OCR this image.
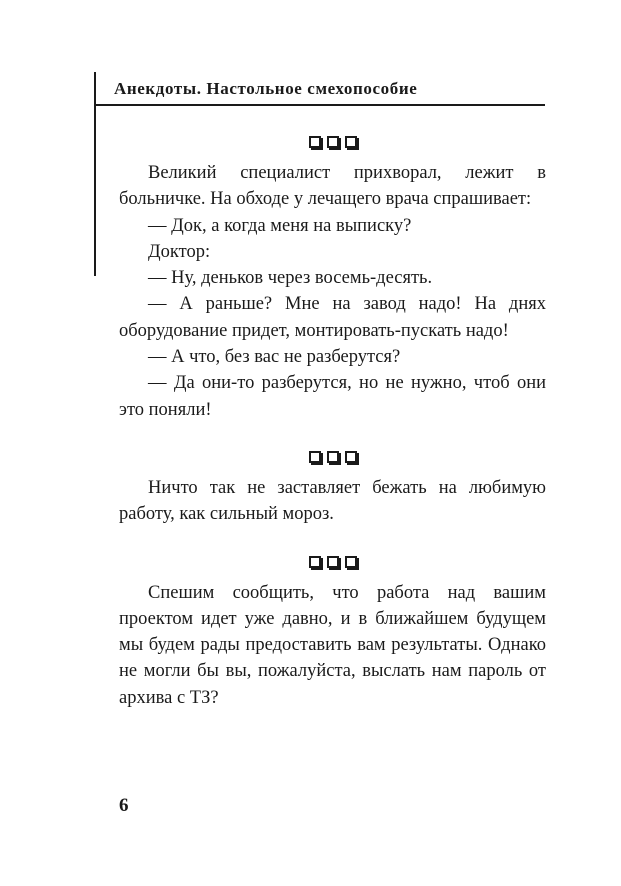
Анекдоты. Настольное смехопособие

Великий специалист прихворал, лежит в больничке. На обходе у лечащего врача спрашивает:

— Док, а когда меня на выписку?

Доктор:

— Ну, деньков через восемь-десять.

— А раньше? Мне на завод надо! На днях оборудование придет, монтировать-пускать надо!

— А что, без вас не разберутся?

— Да они-то разберутся, но не нужно, чтоб они это поняли!

Ничто так не заставляет бежать на любимую работу, как сильный мороз.

Спешим сообщить, что работа над вашим проектом идет уже давно, и в ближайшем будущем мы будем рады предоставить вам результаты. Однако не могли бы вы, пожалуйста, выслать нам пароль от архива с ТЗ?

6
